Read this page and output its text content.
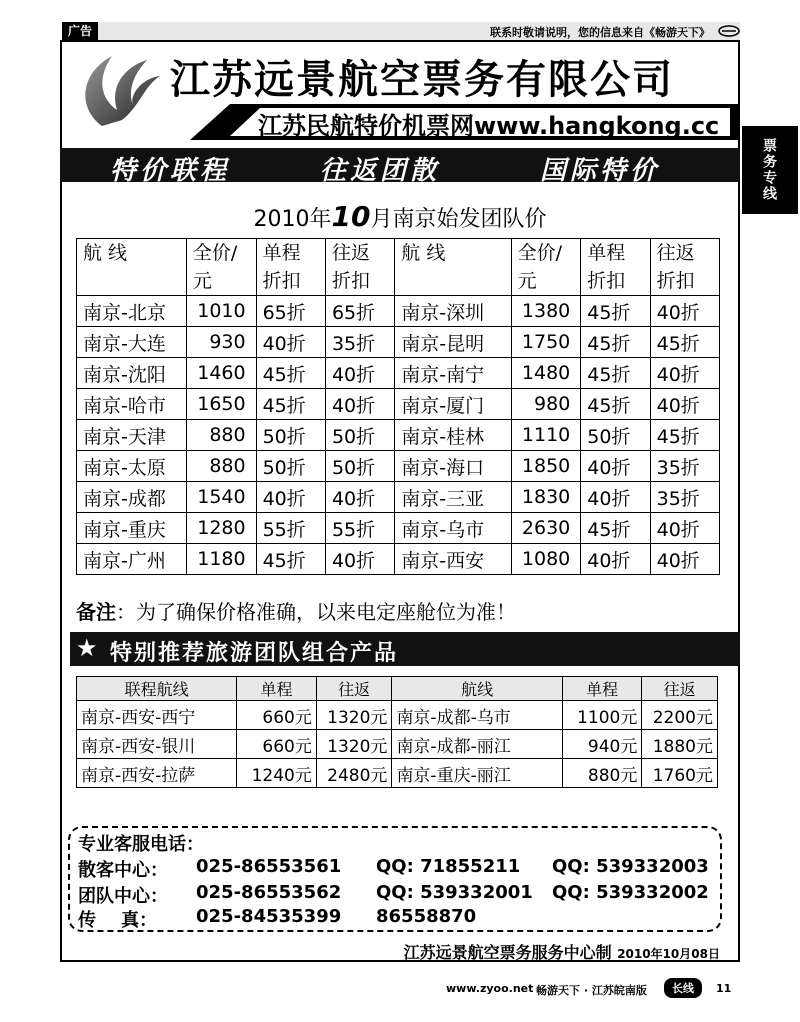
广告	联系时敬请说明，您的信息来自《畅游天下》
江苏远景航空票务有限公司
江苏民航特价机票网www.hangkong.cc
特价联程	往返团散	国际特价	票务专线
2010年10月南京始发团队价
航 线	全价/元	单程折扣	往返折扣	航 线	全价/元	单程折扣	往返折扣
南京-北京	1010	65折	65折	南京-深圳	1380	45折	40折
南京-大连	930	40折	35折	南京-昆明	1750	45折	45折
南京-沈阳	1460	45折	40折	南京-南宁	1480	45折	40折
南京-哈市	1650	45折	40折	南京-厦门	980	45折	40折
南京-天津	880	50折	50折	南京-桂林	1110	50折	45折
南京-太原	880	50折	50折	南京-海口	1850	40折	35折
南京-成都	1540	40折	40折	南京-三亚	1830	40折	35折
南京-重庆	1280	55折	55折	南京-乌市	2630	45折	40折
南京-广州	1180	45折	40折	南京-西安	1080	40折	40折
备注：为了确保价格准确，以来电定座舱位为准！
★ 特别推荐旅游团队组合产品
联程航线	单程	往返	航线	单程	往返
南京-西安-西宁	660元	1320元	南京-成都-乌市	1100元	2200元
南京-西安-银川	660元	1320元	南京-成都-丽江	940元	1880元
南京-西安-拉萨	1240元	2480元	南京-重庆-丽江	880元	1760元
专业客服电话：
散客中心： 025-86553561 QQ: 71855211 QQ: 539332003
团队中心： 025-86553562 QQ: 539332001 QQ: 539332002
传    真： 025-84535399 86558870
江苏远景航空票务服务中心制 2010年10月08日
www.zyoo.net 畅游天下 · 江苏皖南版	长线	11
